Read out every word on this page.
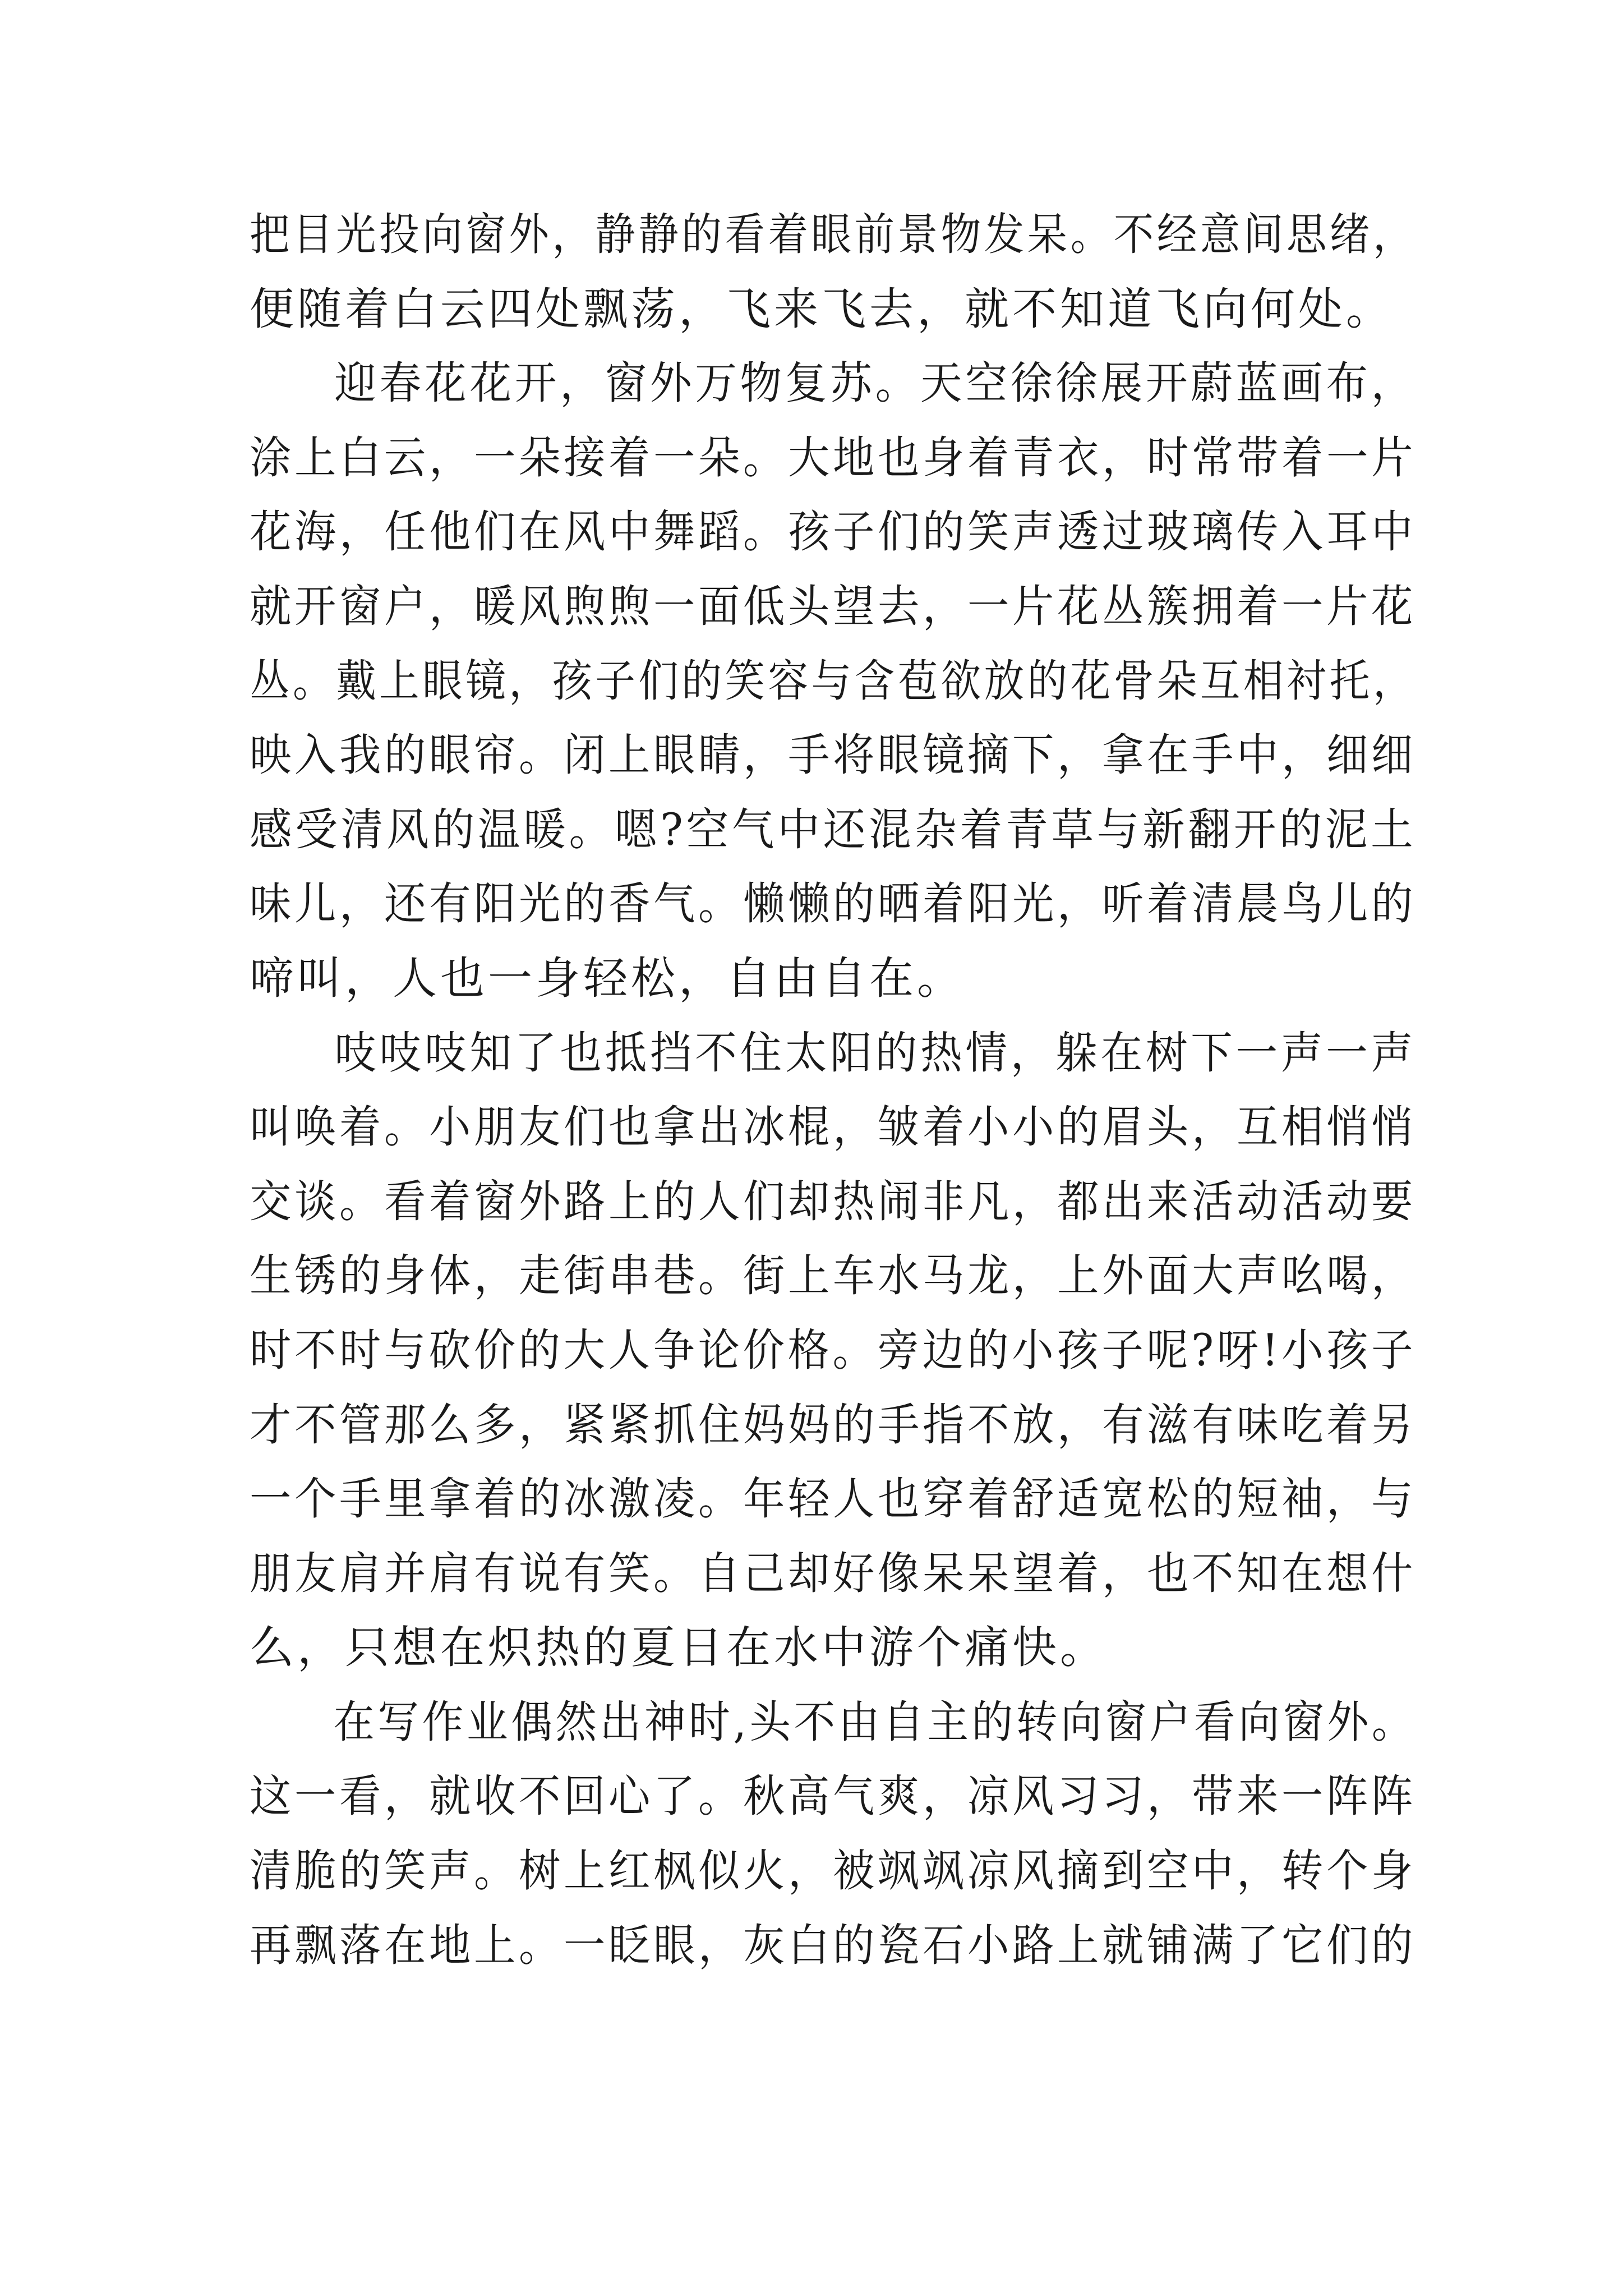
把目光投向窗外，静静的看着眼前景物发呆。不经意间思绪，
便随着白云四处飘荡，飞来飞去，就不知道飞向何处。
迎春花花开，窗外万物复苏。天空徐徐展开蔚蓝画布，
涂上白云，一朵接着一朵。大地也身着青衣，时常带着一片
花海，任他们在风中舞蹈。孩子们的笑声透过玻璃传入耳中
就开窗户，暖风煦煦一面低头望去，一片花丛簇拥着一片花
丛。戴上眼镜，孩子们的笑容与含苞欲放的花骨朵互相衬托，
映入我的眼帘。闭上眼睛，手将眼镜摘下，拿在手中，细细
感受清风的温暖。嗯?空气中还混杂着青草与新翻开的泥土
味儿，还有阳光的香气。懒懒的晒着阳光，听着清晨鸟儿的
啼叫，人也一身轻松，自由自在。
吱吱吱知了也抵挡不住太阳的热情，躲在树下一声一声
叫唤着。小朋友们也拿出冰棍，皱着小小的眉头，互相悄悄
交谈。看着窗外路上的人们却热闹非凡，都出来活动活动要
生锈的身体，走街串巷。街上车水马龙，上外面大声吆喝，
时不时与砍价的大人争论价格。旁边的小孩子呢?呀!小孩子
才不管那么多，紧紧抓住妈妈的手指不放，有滋有味吃着另
一个手里拿着的冰激凌。年轻人也穿着舒适宽松的短袖，与
朋友肩并肩有说有笑。自己却好像呆呆望着，也不知在想什
么，只想在炽热的夏日在水中游个痛快。
在写作业偶然出神时,头不由自主的转向窗户看向窗外。
这一看，就收不回心了。秋高气爽，凉风习习，带来一阵阵
清脆的笑声。树上红枫似火，被飒飒凉风摘到空中，转个身
再飘落在地上。一眨眼，灰白的瓷石小路上就铺满了它们的
